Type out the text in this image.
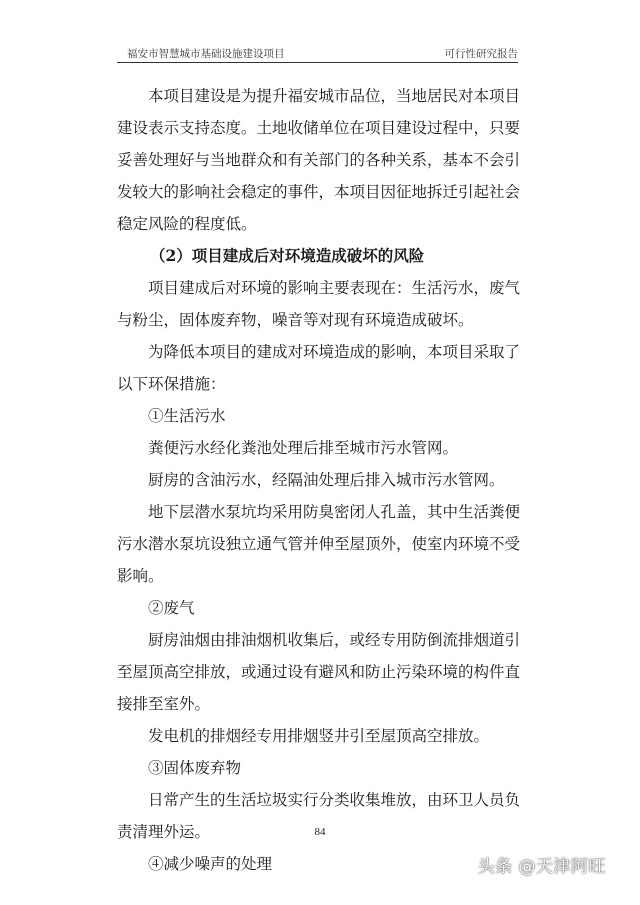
福安市智慧城市基础设施建设项目	可行性研究报告

本项目建设是为提升福安城市品位，当地居民对本项目建设表示支持态度。土地收储单位在项目建设过程中，只要妥善处理好与当地群众和有关部门的各种关系，基本不会引发较大的影响社会稳定的事件，本项目因征地拆迁引起社会稳定风险的程度低。

（2）项目建成后对环境造成破坏的风险

项目建成后对环境的影响主要表现在：生活污水，废气与粉尘，固体废弃物，噪音等对现有环境造成破坏。

为降低本项目的建成对环境造成的影响，本项目采取了以下环保措施：

①生活污水

粪便污水经化粪池处理后排至城市污水管网。

厨房的含油污水，经隔油处理后排入城市污水管网。

地下层潜水泵坑均采用防臭密闭人孔盖，其中生活粪便污水潜水泵坑设独立通气管并伸至屋顶外，使室内环境不受影响。

②废气

厨房油烟由排油烟机收集后，或经专用防倒流排烟道引至屋顶高空排放，或通过设有避风和防止污染环境的构件直接排至室外。

发电机的排烟经专用排烟竖井引至屋顶高空排放。

③固体废弃物

日常产生的生活垃圾实行分类收集堆放，由环卫人员负责清理外运。

④减少噪声的处理

84
头条 @天津阿旺
